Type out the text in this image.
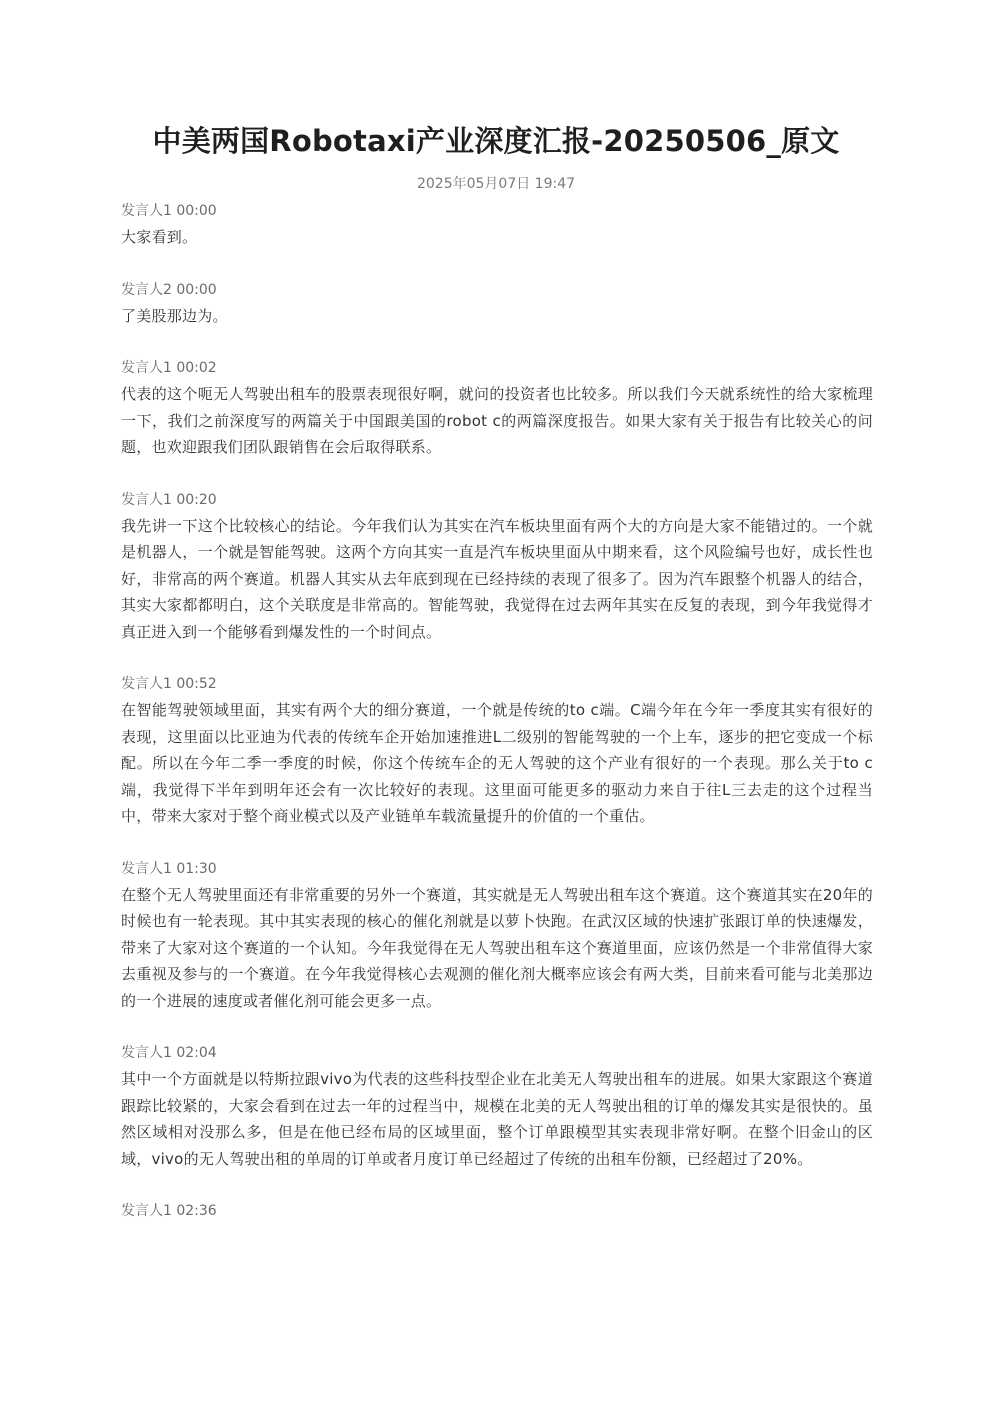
中美两国Robotaxi产业深度汇报-20250506_原文
2025年05月07日 19:47
发言人1 00:00
大家看到。
发言人2 00:00
了美股那边为。
发言人1 00:02
代表的这个呃无人驾驶出租车的股票表现很好啊，就问的投资者也比较多。所以我们今天就系统性的给大家梳理一下，我们之前深度写的两篇关于中国跟美国的robot c的两篇深度报告。如果大家有关于报告有比较关心的问题，也欢迎跟我们团队跟销售在会后取得联系。
发言人1 00:20
我先讲一下这个比较核心的结论。今年我们认为其实在汽车板块里面有两个大的方向是大家不能错过的。一个就是机器人，一个就是智能驾驶。这两个方向其实一直是汽车板块里面从中期来看，这个风险编号也好，成长性也好，非常高的两个赛道。机器人其实从去年底到现在已经持续的表现了很多了。因为汽车跟整个机器人的结合，其实大家都都明白，这个关联度是非常高的。智能驾驶，我觉得在过去两年其实在反复的表现，到今年我觉得才真正进入到一个能够看到爆发性的一个时间点。
发言人1 00:52
在智能驾驶领域里面，其实有两个大的细分赛道，一个就是传统的to c端。C端今年在今年一季度其实有很好的表现，这里面以比亚迪为代表的传统车企开始加速推进L二级别的智能驾驶的一个上车，逐步的把它变成一个标配。所以在今年二季一季度的时候，你这个传统车企的无人驾驶的这个产业有很好的一个表现。那么关于to c端，我觉得下半年到明年还会有一次比较好的表现。这里面可能更多的驱动力来自于往L三去走的这个过程当中，带来大家对于整个商业模式以及产业链单车载流量提升的价值的一个重估。
发言人1 01:30
在整个无人驾驶里面还有非常重要的另外一个赛道，其实就是无人驾驶出租车这个赛道。这个赛道其实在20年的时候也有一轮表现。其中其实表现的核心的催化剂就是以萝卜快跑。在武汉区域的快速扩张跟订单的快速爆发，带来了大家对这个赛道的一个认知。今年我觉得在无人驾驶出租车这个赛道里面，应该仍然是一个非常值得大家去重视及参与的一个赛道。在今年我觉得核心去观测的催化剂大概率应该会有两大类，目前来看可能与北美那边的一个进展的速度或者催化剂可能会更多一点。
发言人1 02:04
其中一个方面就是以特斯拉跟vivo为代表的这些科技型企业在北美无人驾驶出租车的进展。如果大家跟这个赛道跟踪比较紧的，大家会看到在过去一年的过程当中，规模在北美的无人驾驶出租的订单的爆发其实是很快的。虽然区域相对没那么多，但是在他已经布局的区域里面，整个订单跟模型其实表现非常好啊。在整个旧金山的区域，vivo的无人驾驶出租的单周的订单或者月度订单已经超过了传统的出租车份额，已经超过了20%。
发言人1 02:36
